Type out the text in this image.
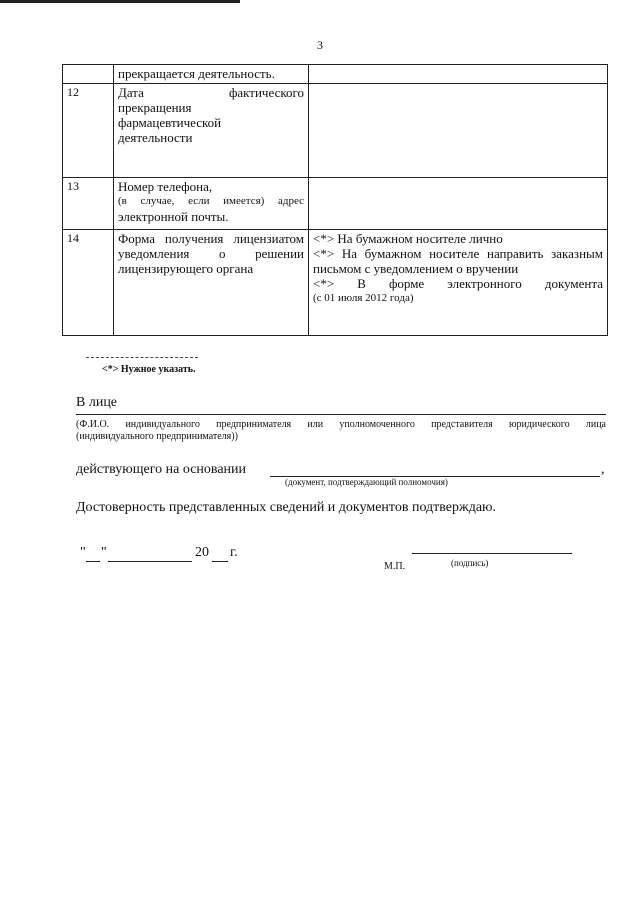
3
	прекращается деятельность.	
12	Дата фактического
прекращения фармацевтической деятельности	

13	Номер телефона,
(в случае, если имеется) адрес
электронной почты.	

14	Форма получения лицензиатом уведомления о решении лицензирующего органа	<*> На бумажном носителе лично
<*> На бумажном носителе направить заказным письмом с уведомлением о вручении
<*> В форме электронного документа
(с 01 июля 2012 года)
<*> Нужное указать.
В лице
(Ф.И.О. индивидуального предпринимателя или уполномоченного представителя юридического лица
(индивидуального предпринимателя))
действующего на основании	,
(документ, подтверждающий полномочия)
Достоверность представленных сведений и документов подтверждаю.
" "	20 г.
М.П.	(подпись)
